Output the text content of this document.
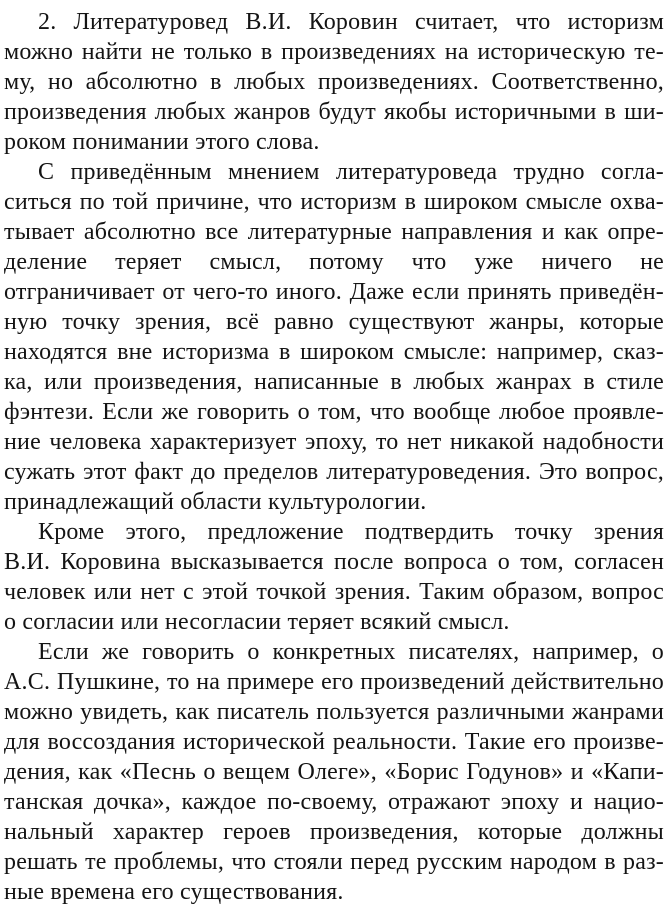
2. Литературовед В.И. Коровин считает, что историзм
можно найти не только в произведениях на историческую те-
му, но абсолютно в любых произведениях. Соответственно,
произведения любых жанров будут якобы историчными в ши-
роком понимании этого слова.
С приведённым мнением литературоведа трудно согла-
ситься по той причине, что историзм в широком смысле охва-
тывает абсолютно все литературные направления и как опре-
деление теряет смысл, потому что уже ничего не
отграничивает от чего-то иного. Даже если принять приведён-
ную точку зрения, всё равно существуют жанры, которые
находятся вне историзма в широком смысле: например, сказ-
ка, или произведения, написанные в любых жанрах в стиле
фэнтези. Если же говорить о том, что вообще любое проявле-
ние человека характеризует эпоху, то нет никакой надобности
сужать этот факт до пределов литературоведения. Это вопрос,
принадлежащий области культурологии.
Кроме этого, предложение подтвердить точку зрения
В.И. Коровина высказывается после вопроса о том, согласен
человек или нет с этой точкой зрения. Таким образом, вопрос
о согласии или несогласии теряет всякий смысл.
Если же говорить о конкретных писателях, например, о
А.С. Пушкине, то на примере его произведений действительно
можно увидеть, как писатель пользуется различными жанрами
для воссоздания исторической реальности. Такие его произве-
дения, как «Песнь о вещем Олеге», «Борис Годунов» и «Капи-
танская дочка», каждое по-своему, отражают эпоху и нацио-
нальный характер героев произведения, которые должны
решать те проблемы, что стояли перед русским народом в раз-
ные времена его существования.
